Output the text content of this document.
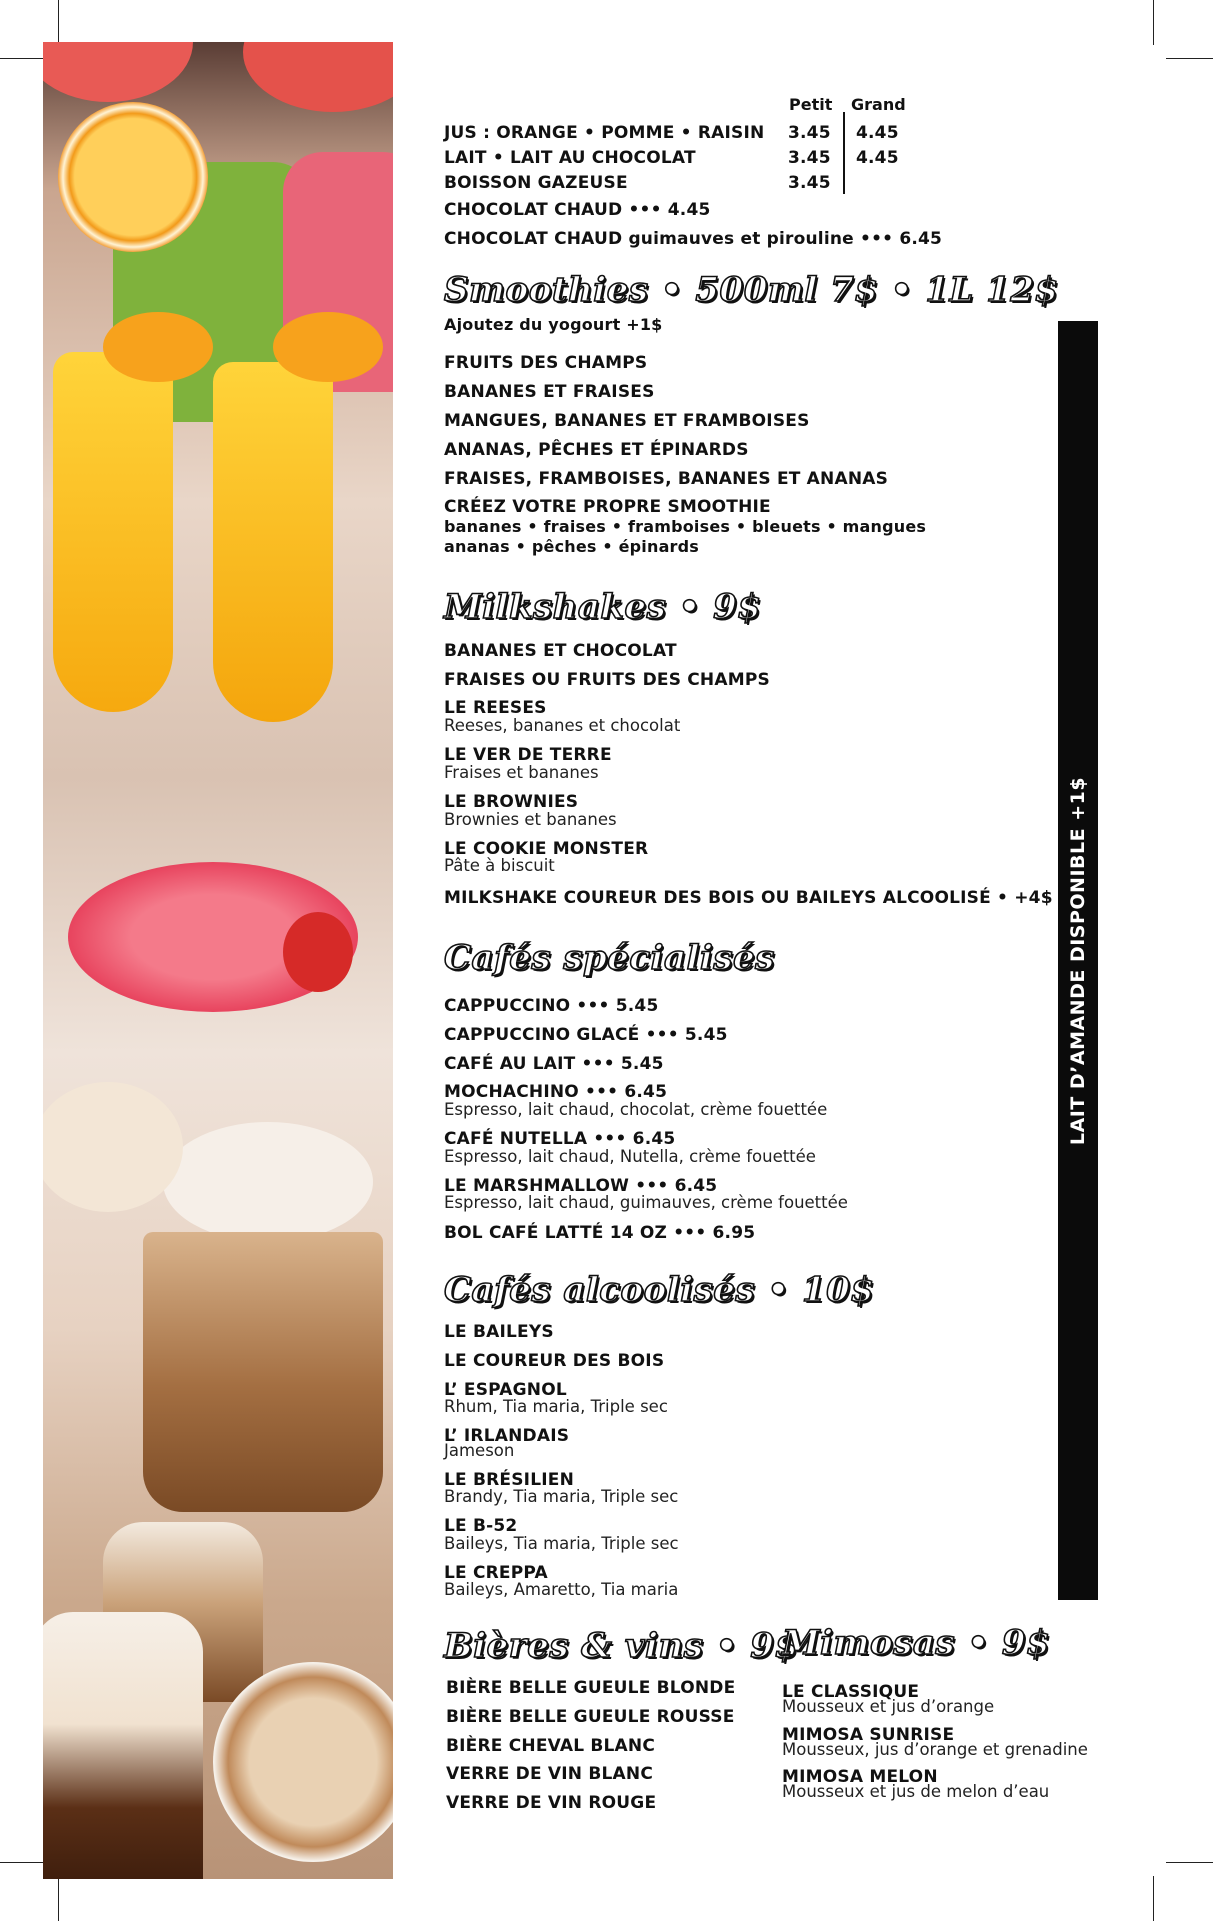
Petit Grand
JUS : ORANGE • POMME • RAISIN 3.45 4.45
LAIT • LAIT AU CHOCOLAT	3.45 4.45
BOISSON GAZEUSE	3.45
CHOCOLAT CHAUD ••• 4.45
CHOCOLAT CHAUD guimauves et pirouline ••• 6.45
Smoothies • 500ml 7$ • 1L 12$
Ajoutez du yogourt +1$
FRUITS DES CHAMPS
BANANES ET FRAISES
MANGUES, BANANES ET FRAMBOISES
ANANAS, PÊCHES ET ÉPINARDS
FRAISES, FRAMBOISES, BANANES ET ANANAS
CRÉEZ VOTRE PROPRE SMOOTHIE
bananes • fraises • framboises • bleuets • mangues
ananas • pêches • épinards
Milkshakes • 9$
BANANES ET CHOCOLAT
FRAISES OU FRUITS DES CHAMPS
LE REESES
Reeses, bananes et chocolat
LE VER DE TERRE
Fraises et bananes
LE BROWNIES
Brownies et bananes
LE COOKIE MONSTER
Pâte à biscuit
MILKSHAKE COUREUR DES BOIS OU BAILEYS ALCOOLISÉ • +4$
Cafés spécialisés
CAPPUCCINO ••• 5.45
CAPPUCCINO GLACÉ ••• 5.45
CAFÉ AU LAIT ••• 5.45
MOCHACHINO ••• 6.45
Espresso, lait chaud, chocolat, crème fouettée
CAFÉ NUTELLA ••• 6.45
Espresso, lait chaud, Nutella, crème fouettée
LE MARSHMALLOW ••• 6.45
Espresso, lait chaud, guimauves, crème fouettée
BOL CAFÉ LATTÉ 14 OZ ••• 6.95
Cafés alcoolisés • 10$
LE BAILEYS
LE COUREUR DES BOIS
L’ ESPAGNOL
Rhum, Tia maria, Triple sec
L’ IRLANDAIS
Jameson
LE BRÉSILIEN
Brandy, Tia maria, Triple sec
LE B-52
Baileys, Tia maria, Triple sec
LE CREPPA
Baileys, Amaretto, Tia maria
Bières & vins • 9$
BIÈRE BELLE GUEULE BLONDE
BIÈRE BELLE GUEULE ROUSSE
BIÈRE CHEVAL BLANC
VERRE DE VIN BLANC
VERRE DE VIN ROUGE
Mimosas • 9$
LE CLASSIQUE
Mousseux et jus d’orange
MIMOSA SUNRISE
Mousseux, jus d’orange et grenadine
MIMOSA MELON
Mousseux et jus de melon d’eau
LAIT D’AMANDE DISPONIBLE +1$
